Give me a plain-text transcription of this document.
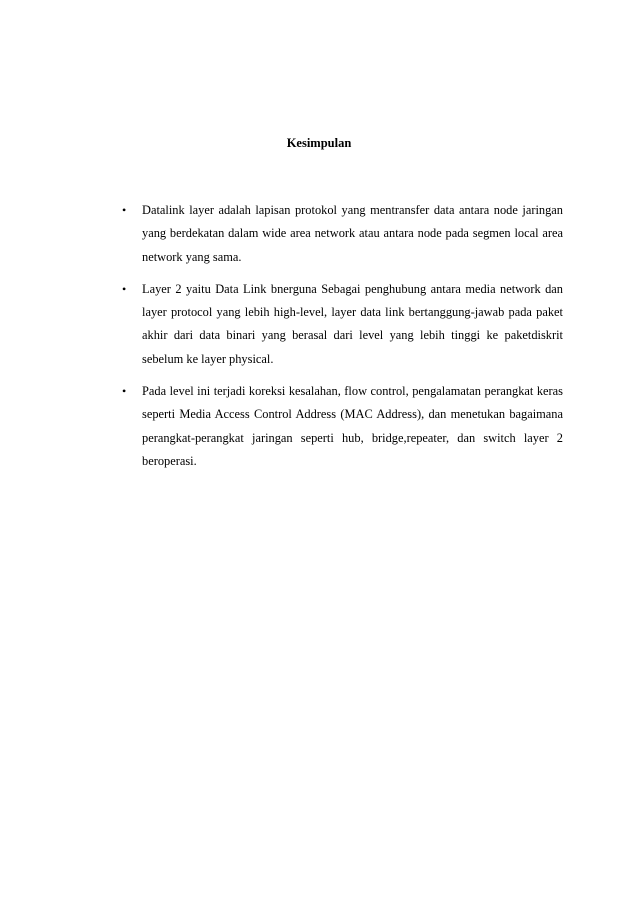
Kesimpulan
• Datalink layer adalah lapisan protokol yang mentransfer data antara node jaringan yang berdekatan dalam wide area network atau antara node pada segmen local area network yang sama.
• Layer 2 yaitu Data Link bnerguna Sebagai penghubung antara media network dan layer protocol yang lebih high-level, layer data link bertanggung-jawab pada paket akhir dari data binari yang berasal dari level yang lebih tinggi ke paketdiskrit sebelum ke layer physical.
• Pada level ini terjadi koreksi kesalahan, flow control, pengalamatan perangkat keras seperti Media Access Control Address (MAC Address), dan menetukan bagaimana perangkat-perangkat jaringan seperti hub, bridge,repeater, dan switch layer 2 beroperasi.
